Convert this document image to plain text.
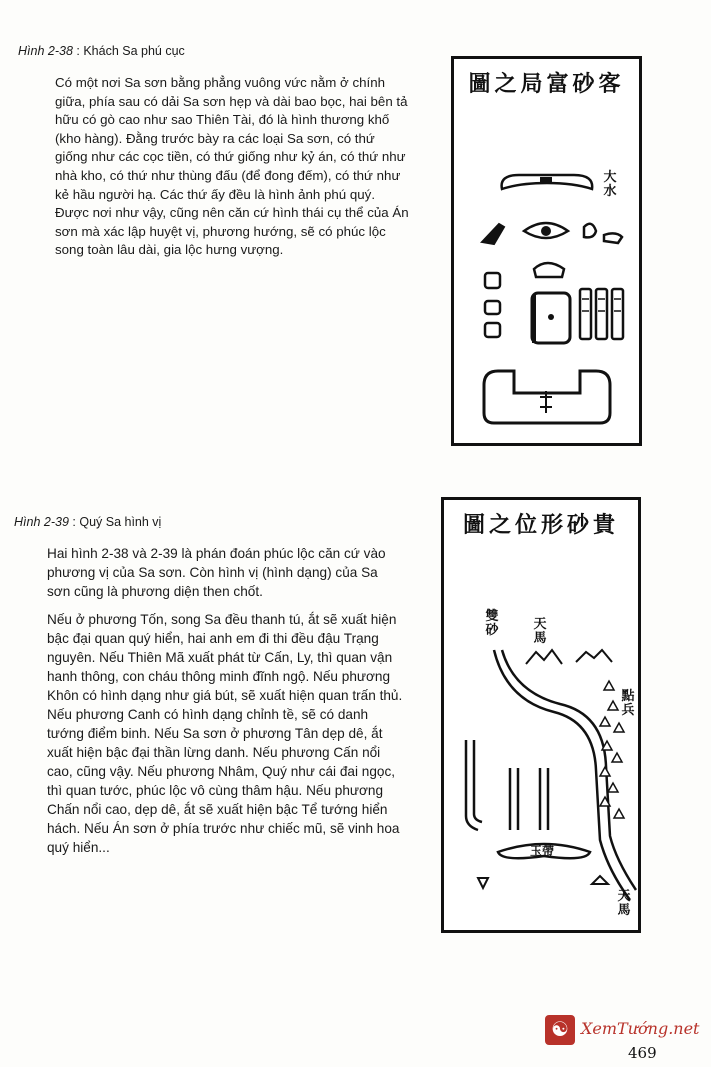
Hình 2-38 : Khách Sa phú cục

Có một nơi Sa sơn bằng phẳng vuông vức nằm ở chính giữa, phía sau có dải Sa sơn hẹp và dài bao bọc, hai bên tả hữu có gò cao như sao Thiên Tài, đó là hình thương khố (kho hàng). Đằng trước bày ra các loại Sa sơn, có thứ giống như các cọc tiền, có thứ giống như kỷ án, có thứ như nhà kho, có thứ như thùng đấu (để đong đếm), có thứ như kẻ hầu người hạ. Các thứ ấy đều là hình ảnh phú quý. Được nơi như vậy, cũng nên căn cứ hình thái cụ thể của Án sơn mà xác lập huyệt vị, phương hướng, sẽ có phúc lộc song toàn lâu dài, gia lộc hưng vượng.

圖之局富砂客
大水
Hình 2-39 : Quý Sa hình vị

Hai hình 2-38 và 2-39 là phán đoán phúc lộc căn cứ vào phương vị của Sa sơn. Còn hình vị (hình dạng) của Sa sơn cũng là phương diện then chốt.

Nếu ở phương Tốn, song Sa đều thanh tú, ắt sẽ xuất hiện bậc đại quan quý hiển, hai anh em đi thi đều đậu Trạng nguyên. Nếu Thiên Mã xuất phát từ Cấn, Ly, thì quan vận hanh thông, con cháu thông minh đĩnh ngộ. Nếu phương Khôn có hình dạng như giá bút, sẽ xuất hiện quan trấn thủ. Nếu phương Canh có hình dạng chỉnh tề, sẽ có danh tướng điểm binh. Nếu Sa sơn ở phương Tân dẹp dê, ắt xuất hiện bậc đại thần lừng danh. Nếu phương Cấn nổi cao, cũng vậy. Nếu phương Nhâm, Quý như cái đai ngọc, thì quan tước, phúc lộc vô cùng thâm hậu. Nếu phương Chấn nổi cao, dẹp dê, ắt sẽ xuất hiện bậc Tể tướng hiển hách. Nếu Án sơn ở phía trước như chiếc mũ, sẽ vinh hoa quý hiển...

圖之位形砂貴
雙砂	天馬
點兵
玉帶
天馬
☯ XemTướng.net
469
